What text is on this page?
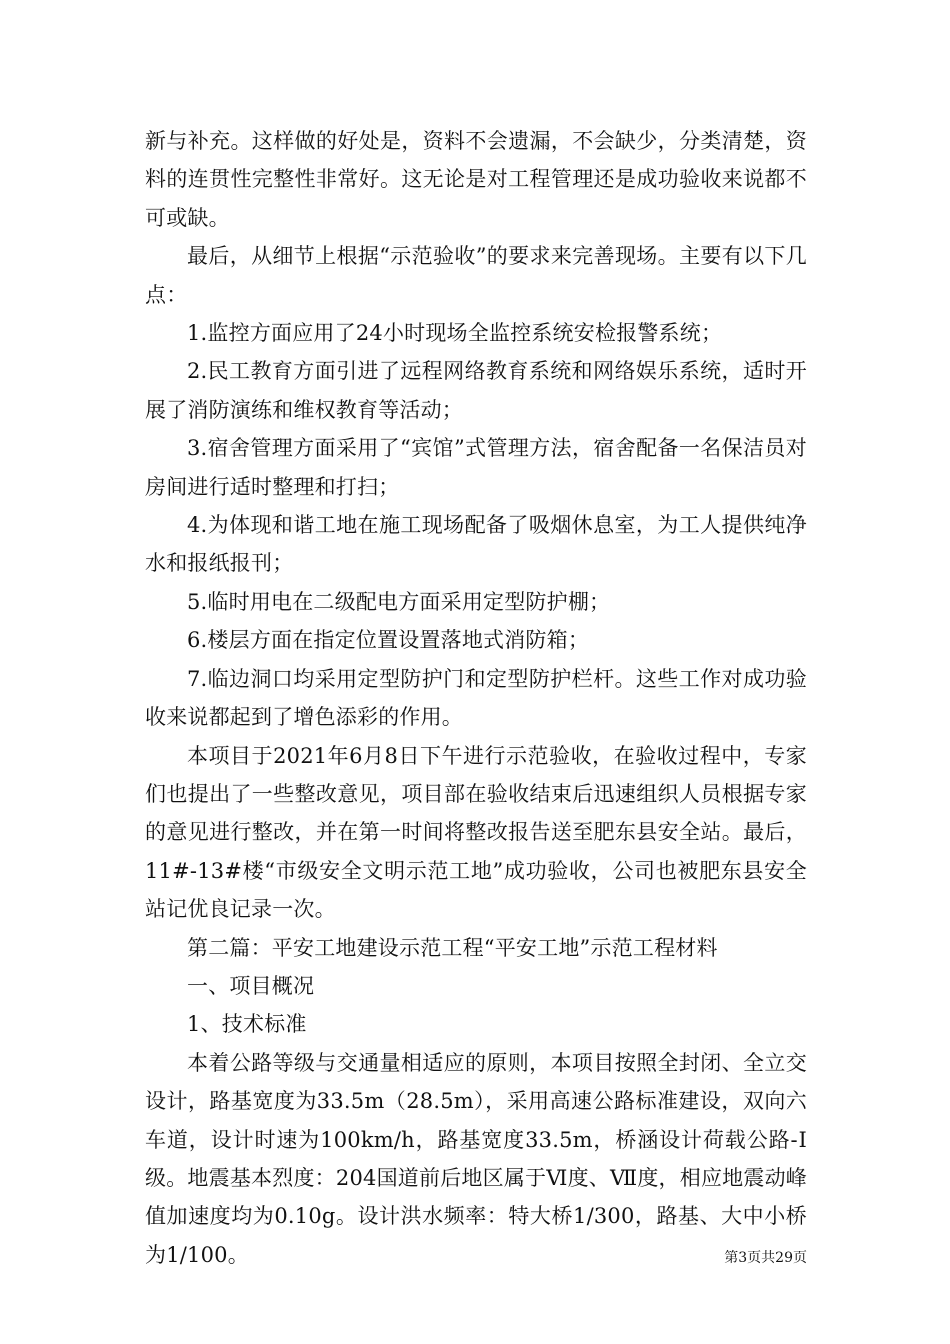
新与补充。这样做的好处是，资料不会遗漏，不会缺少，分类清楚，资料的连贯性完整性非常好。这无论是对工程管理还是成功验收来说都不可或缺。

最后，从细节上根据“示范验收”的要求来完善现场。主要有以下几点：

1.监控方面应用了24小时现场全监控系统安检报警系统；

2.民工教育方面引进了远程网络教育系统和网络娱乐系统，适时开展了消防演练和维权教育等活动；

3.宿舍管理方面采用了“宾馆”式管理方法，宿舍配备一名保洁员对房间进行适时整理和打扫；

4.为体现和谐工地在施工现场配备了吸烟休息室，为工人提供纯净水和报纸报刊；

5.临时用电在二级配电方面采用定型防护棚；

6.楼层方面在指定位置设置落地式消防箱；

7.临边洞口均采用定型防护门和定型防护栏杆。这些工作对成功验收来说都起到了增色添彩的作用。

本项目于2021年6月8日下午进行示范验收，在验收过程中，专家们也提出了一些整改意见，项目部在验收结束后迅速组织人员根据专家的意见进行整改，并在第一时间将整改报告送至肥东县安全站。最后，11#-13#楼“市级安全文明示范工地”成功验收，公司也被肥东县安全站记优良记录一次。

第二篇：平安工地建设示范工程“平安工地”示范工程材料

一、项目概况

1、技术标准

本着公路等级与交通量相适应的原则，本项目按照全封闭、全立交设计，路基宽度为33.5m（28.5m），采用高速公路标准建设，双向六车道，设计时速为100km/h，路基宽度33.5m，桥涵设计荷载公路-Ⅰ级。地震基本烈度：204国道前后地区属于Ⅵ度、Ⅶ度，相应地震动峰值加速度均为0.10g。设计洪水频率：特大桥1/300，路基、大中小桥为1/100。	第3页共29页
